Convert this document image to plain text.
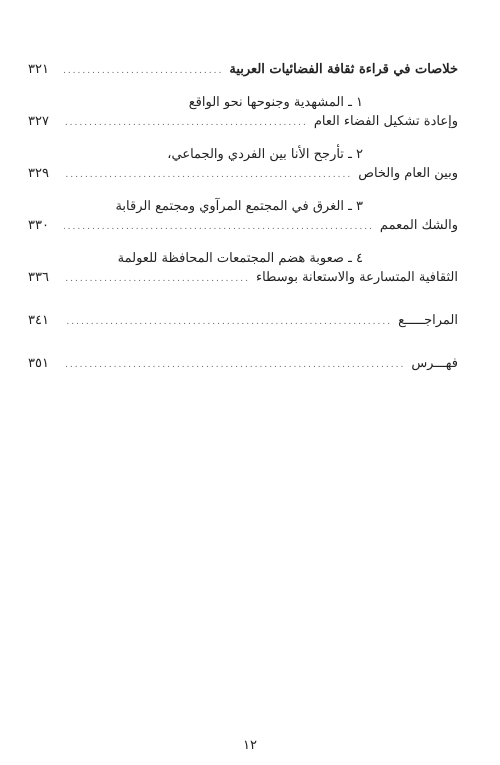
خلاصات في قراءة ثقافة الفضائيات العربية
.....
٣٢١
١ ـ المشهدية وجنوحها نحو الواقع
وإعادة تشكيل الفضاء العام
.....
٣٢٧
٢ ـ تأرجح الأنا بين الفردي والجماعي،
وبين العام والخاص
.....
٣٢٩
٣ ـ الغرق في المجتمع المرآوي ومجتمع الرقابة
والشك المعمم
.....
٣٣٠
٤ ـ صعوبة هضم المجتمعات المحافظة للعولمة
الثقافية المتسارعة والاستعانة بوسطاء
.....
٣٣٦
المراجـــــع
.....
٣٤١
فهـــرس
.....
٣٥١
١٢
